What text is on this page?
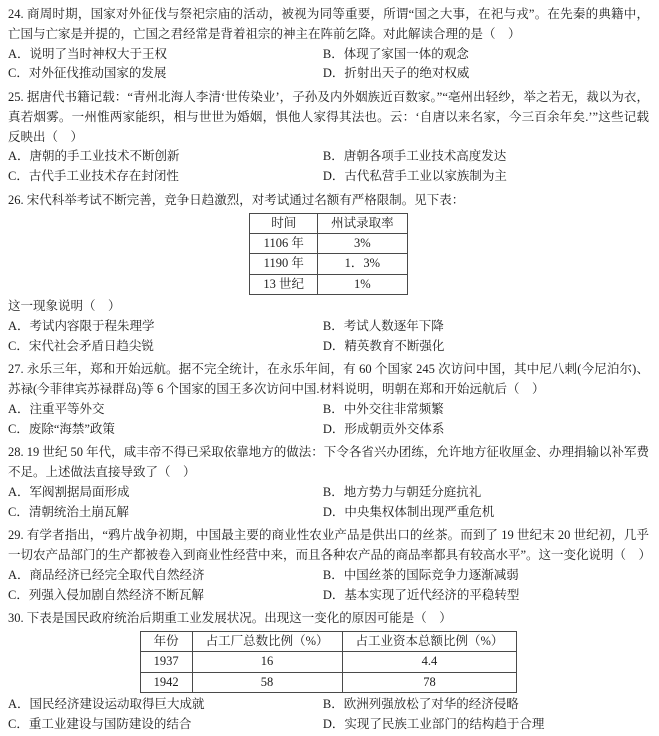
24. 商周时期，国家对外征伐与祭祀宗庙的活动，被视为同等重要，所谓“国之大事，在祀与戎”。在先秦的典籍中，亡国与亡家是并提的，亡国之君经常是背着祖宗的神主在阵前乞降。对此解读合理的是（　）

A．说明了当时神权大于王权	B．体现了家国一体的观念
C．对外征伐推动国家的发展	D．折射出天子的绝对权威

25. 据唐代书籍记载：“青州北海人李清‘世传染业’，子孙及内外姻族近百数家。”“亳州出轻纱，举之若无，裁以为衣，真若烟雾。一州惟两家能织，相与世世为婚姻，惧他人家得其法也。云：‘自唐以来名家，今三百余年矣.’”这些记载反映出（　）

A．唐朝的手工业技术不断创新	B．唐朝各项手工业技术高度发达
C．古代手工业技术存在封闭性	D．古代私营手工业以家族制为主

26. 宋代科举考试不断完善，竞争日趋激烈，对考试通过名额有严格限制。见下表：

时间	州试录取率
1106 年	3%
1190 年	1．3%
13 世纪	1%

这一现象说明（　）

A．考试内容限于程朱理学	B．考试人数逐年下降
C．宋代社会矛盾日趋尖锐	D．精英教育不断强化

27. 永乐三年，郑和开始远航。据不完全统计，在永乐年间，有 60 个国家 245 次访问中国，其中尼八剌(今尼泊尔)、苏禄(今菲律宾苏禄群岛)等 6 个国家的国王多次访问中国.材料说明，明朝在郑和开始远航后（　）

A．注重平等外交	B．中外交往非常频繁
C．废除“海禁”政策	D．形成朝贡外交体系

28. 19 世纪 50 年代，咸丰帝不得已采取依靠地方的做法：下令各省兴办团练，允许地方征收厘金、办理捐输以补军费不足。上述做法直接导致了（　）

A．军阀割据局面形成	B．地方势力与朝廷分庭抗礼
C．清朝统治土崩瓦解	D．中央集权体制出现严重危机

29. 有学者指出，“鸦片战争初期，中国最主要的商业性农业产品是供出口的丝茶。而到了 19 世纪末 20 世纪初，几乎一切农产品部门的生产都被卷入到商业性经营中来，而且各种农产品的商品率都具有较高水平”。这一变化说明（　）

A．商品经济已经完全取代自然经济	B．中国丝茶的国际竞争力逐渐减弱
C．列强入侵加剧自然经济不断瓦解	D．基本实现了近代经济的平稳转型

30. 下表是国民政府统治后期重工业发展状况。出现这一变化的原因可能是（　）

年份	占工厂总数比例（%）	占工业资本总额比例（%）
1937	16	4.4
1942	58	78
A．国民经济建设运动取得巨大成就	B．欧洲列强放松了对华的经济侵略
C．重工业建设与国防建设的结合	D．实现了民族工业部门的结构趋于合理
